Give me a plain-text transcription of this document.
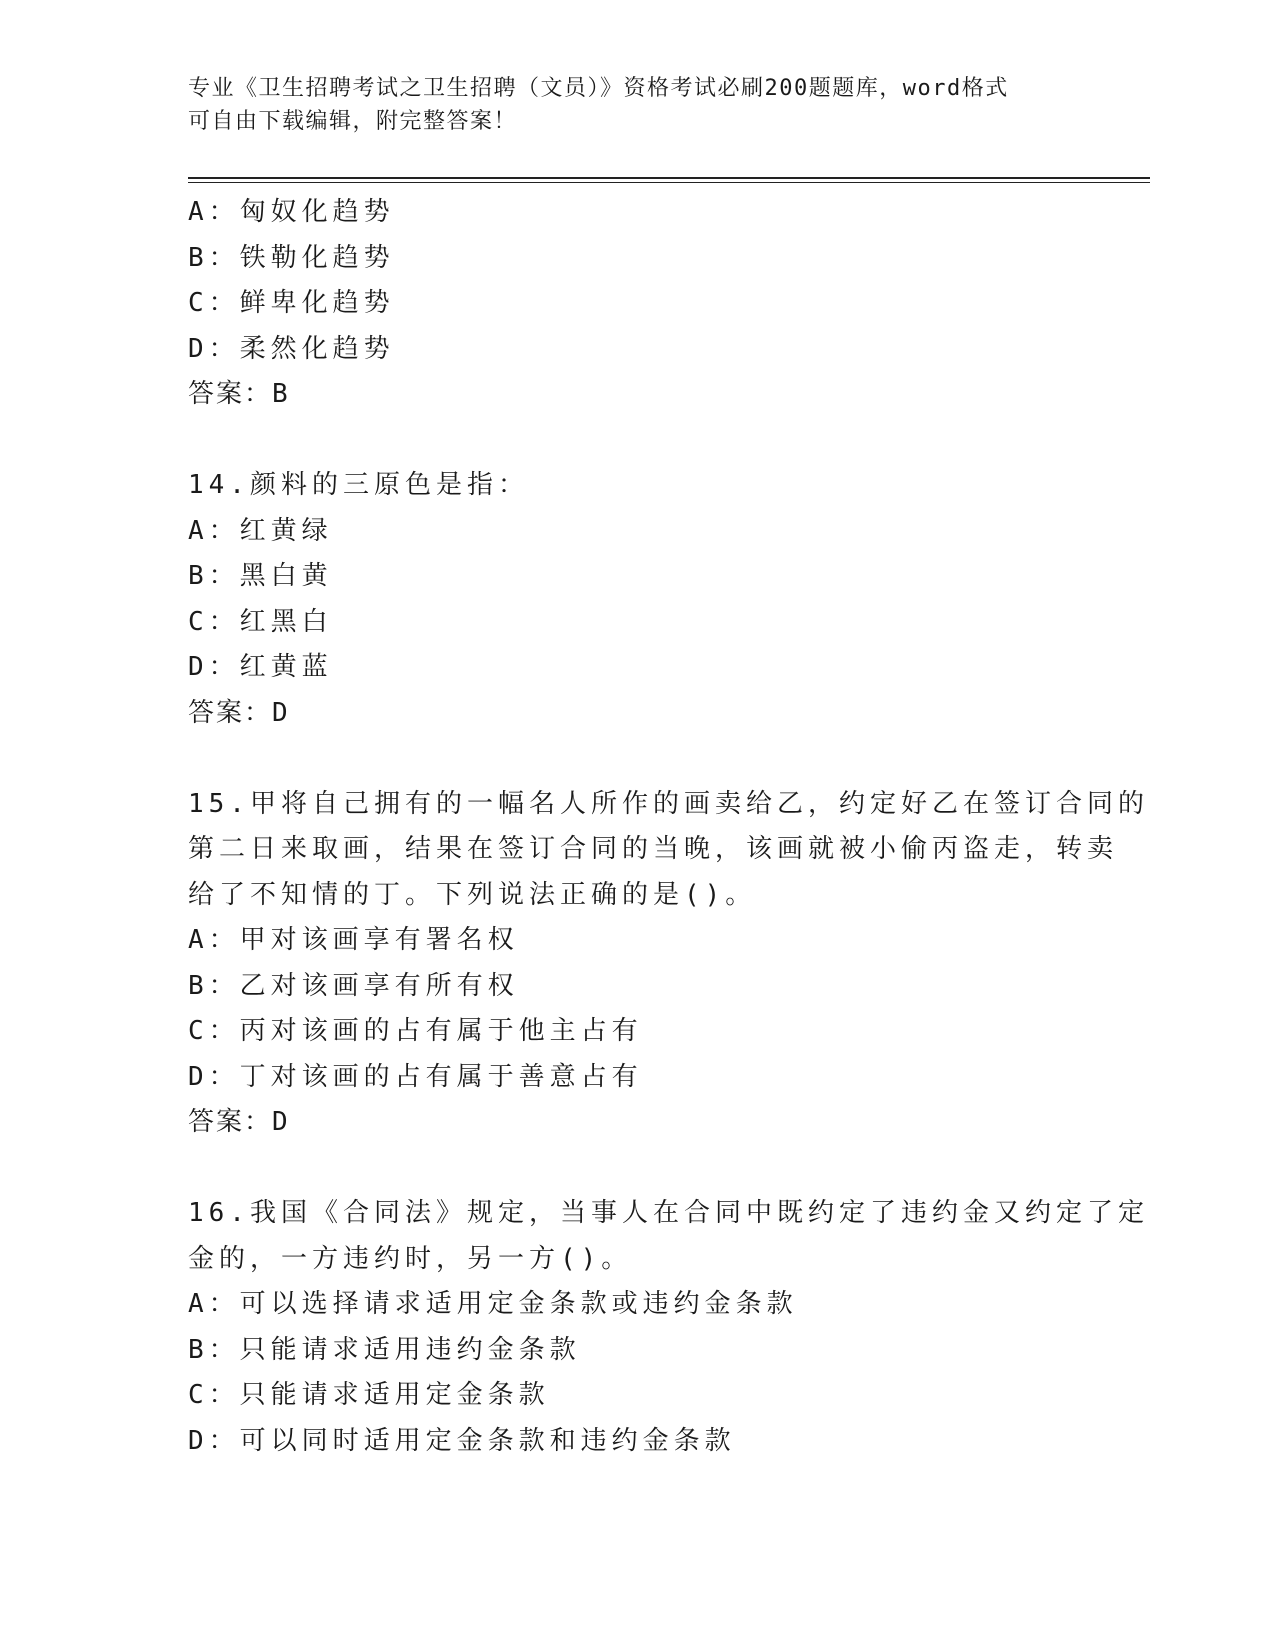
专业《卫生招聘考试之卫生招聘（文员）》资格考试必刷200题题库，word格式
可自由下载编辑，附完整答案！
A：匈奴化趋势
B：铁勒化趋势
C：鲜卑化趋势
D：柔然化趋势
答案：B
14.颜料的三原色是指：
A：红黄绿
B：黑白黄
C：红黑白
D：红黄蓝
答案：D
15.甲将自己拥有的一幅名人所作的画卖给乙，约定好乙在签订合同的
第二日来取画，结果在签订合同的当晚，该画就被小偷丙盗走，转卖
给了不知情的丁。下列说法正确的是()。
A：甲对该画享有署名权
B：乙对该画享有所有权
C：丙对该画的占有属于他主占有
D：丁对该画的占有属于善意占有
答案：D
16.我国《合同法》规定，当事人在合同中既约定了违约金又约定了定
金的，一方违约时，另一方()。
A：可以选择请求适用定金条款或违约金条款
B：只能请求适用违约金条款
C：只能请求适用定金条款
D：可以同时适用定金条款和违约金条款
